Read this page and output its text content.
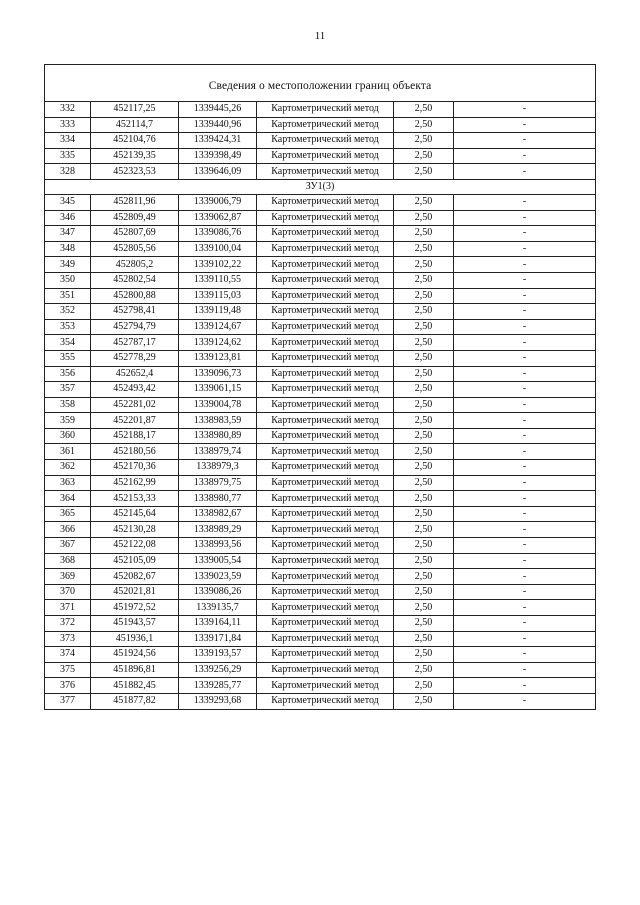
11
Сведения о местоположении границ объекта					
332	452117,25	1339445,26	Картометрический метод	2,50	-
333	452114,7	1339440,96	Картометрический метод	2,50	-
334	452104,76	1339424,31	Картометрический метод	2,50	-
335	452139,35	1339398,49	Картометрический метод	2,50	-
328	452323,53	1339646,09	Картометрический метод	2,50	-
ЗУ1(3)					
345	452811,96	1339006,79	Картометрический метод	2,50	-
346	452809,49	1339062,87	Картометрический метод	2,50	-
347	452807,69	1339086,76	Картометрический метод	2,50	-
348	452805,56	1339100,04	Картометрический метод	2,50	-
349	452805,2	1339102,22	Картометрический метод	2,50	-
350	452802,54	1339110,55	Картометрический метод	2,50	-
351	452800,88	1339115,03	Картометрический метод	2,50	-
352	452798,41	1339119,48	Картометрический метод	2,50	-
353	452794,79	1339124,67	Картометрический метод	2,50	-
354	452787,17	1339124,62	Картометрический метод	2,50	-
355	452778,29	1339123,81	Картометрический метод	2,50	-
356	452652,4	1339096,73	Картометрический метод	2,50	-
357	452493,42	1339061,15	Картометрический метод	2,50	-
358	452281,02	1339004,78	Картометрический метод	2,50	-
359	452201,87	1338983,59	Картометрический метод	2,50	-
360	452188,17	1338980,89	Картометрический метод	2,50	-
361	452180,56	1338979,74	Картометрический метод	2,50	-
362	452170,36	1338979,3	Картометрический метод	2,50	-
363	452162,99	1338979,75	Картометрический метод	2,50	-
364	452153,33	1338980,77	Картометрический метод	2,50	-
365	452145,64	1338982,67	Картометрический метод	2,50	-
366	452130,28	1338989,29	Картометрический метод	2,50	-
367	452122,08	1338993,56	Картометрический метод	2,50	-
368	452105,09	1339005,54	Картометрический метод	2,50	-
369	452082,67	1339023,59	Картометрический метод	2,50	-
370	452021,81	1339086,26	Картометрический метод	2,50	-
371	451972,52	1339135,7	Картометрический метод	2,50	-
372	451943,57	1339164,11	Картометрический метод	2,50	-
373	451936,1	1339171,84	Картометрический метод	2,50	-
374	451924,56	1339193,57	Картометрический метод	2,50	-
375	451896,81	1339256,29	Картометрический метод	2,50	-
376	451882,45	1339285,77	Картометрический метод	2,50	-
377	451877,82	1339293,68	Картометрический метод	2,50	-
